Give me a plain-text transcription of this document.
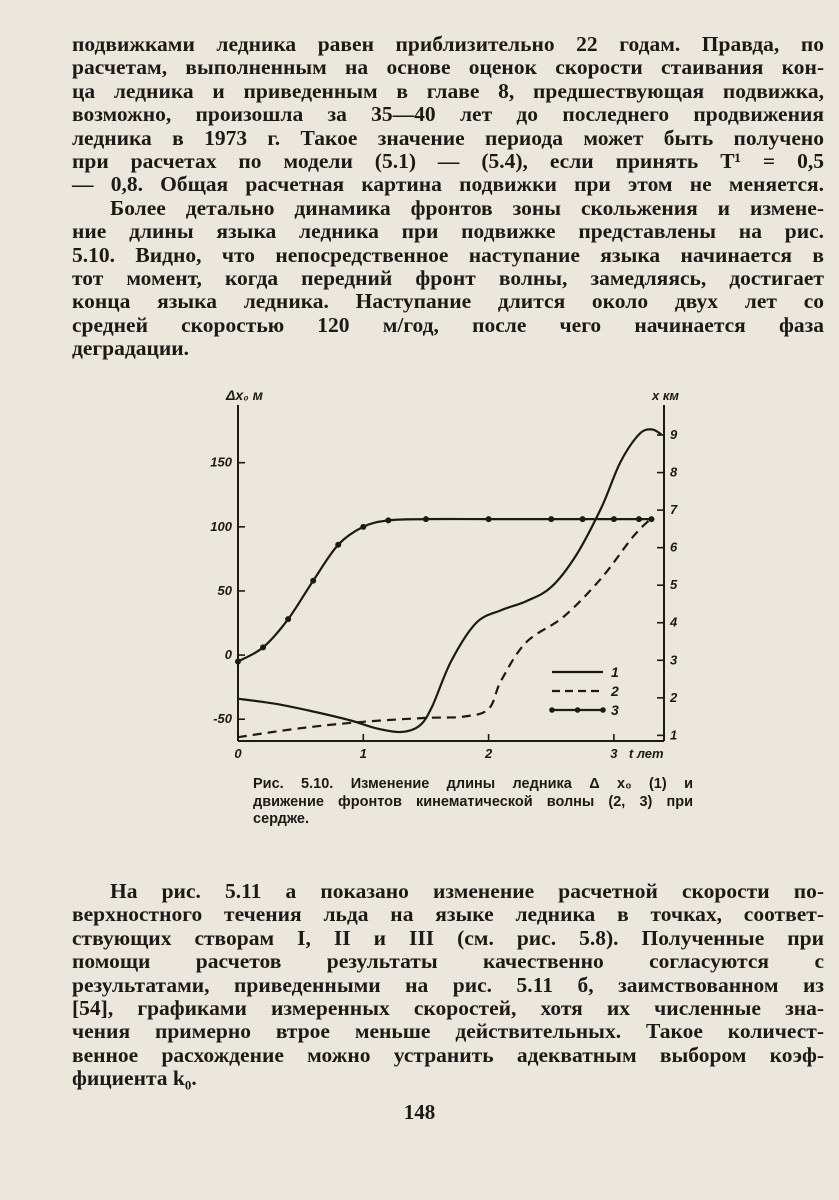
подвижками ледника равен приблизительно 22 годам. Правда, по
расчетам, выполненным на основе оценок скорости стаивания кон-
ца ледника и приведенным в главе 8, предшествующая подвижка,
возможно, произошла за 35—40 лет до последнего продвижения
ледника в 1973 г. Такое значение периода может быть получено
при расчетах по модели (5.1) — (5.4), если принять T¹ = 0,5
— 0,8. Общая расчетная картина подвижки при этом не меняется.
Более детально динамика фронтов зоны скольжения и измене-
ние длины языка ледника при подвижке представлены на рис.
5.10. Видно, что непосредственное наступание языка начинается в
тот момент, когда передний фронт волны, замедляясь, достигает
конца языка ледника. Наступание длится около двух лет со
средней скоростью 120 м/год, после чего начинается фаза
деградации.
Δx₀ м	x км
t лет
-50
0
50
100
150
1
2
3
4
5
6
7
8
9
0	1	2	3
1
2
3

Рис. 5.10. Изменение длины ледника Δ x₀ (1) и
движение фронтов кинематической волны (2, 3) при
сердже.

На рис. 5.11 а показано изменение расчетной скорости по-
верхностного течения льда на языке ледника в точках, соответ-
ствующих створам I, II и III (см. рис. 5.8). Полученные при
помощи расчетов результаты качественно согласуются с
результатами, приведенными на рис. 5.11 б, заимствованном из
[54], графиками измеренных скоростей, хотя их численные зна-
чения примерно втрое меньше действительных. Такое количест-
венное расхождение можно устранить адекватным выбором коэф-
фициента k₀.
148
